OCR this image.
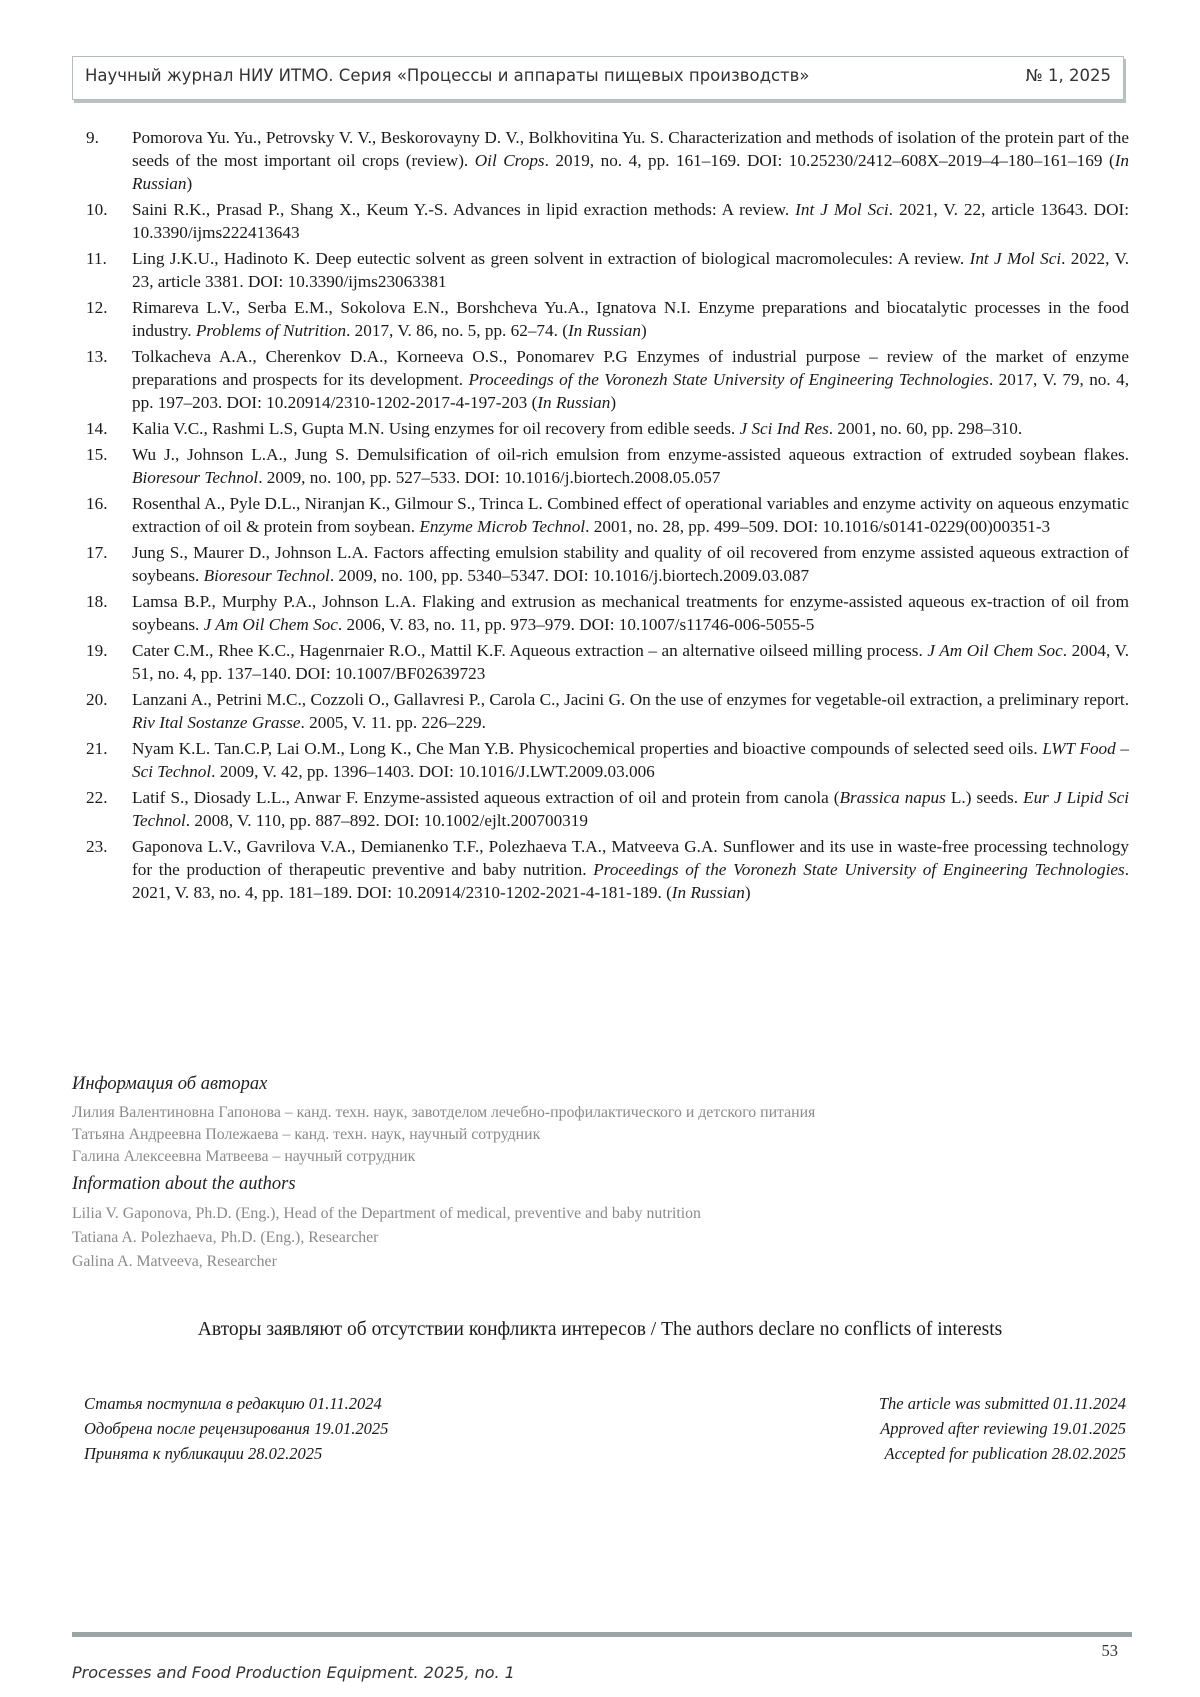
Научный журнал НИУ ИТМО. Серия «Процессы и аппараты пищевых производств»	№ 1, 2025
9.	Pomorova Yu. Yu., Petrovsky V. V., Beskorovayny D. V., Bolkhovitina Yu. S. Characterization and methods of isolation of the protein part of the seeds of the most important oil crops (review). Oil Crops. 2019, no. 4, pp. 161–169. DOI: 10.25230/2412–608X–2019–4–180–161–169 (In Russian)
10.	Saini R.K., Prasad P., Shang X., Keum Y.-S. Advances in lipid exraction methods: A review. Int J Mol Sci. 2021, V. 22, article 13643. DOI: 10.3390/ijms222413643
11.	Ling J.K.U., Hadinoto K. Deep eutectic solvent as green solvent in extraction of biological macromolecules: A review. Int J Mol Sci. 2022, V. 23, article 3381. DOI: 10.3390/ijms23063381
12.	Rimareva L.V., Serba E.M., Sokolova E.N., Borshcheva Yu.A., Ignatova N.I. Enzyme preparations and biocatalytic processes in the food industry. Problems of Nutrition. 2017, V. 86, no. 5, pp. 62–74. (In Russian)
13.	Tolkacheva A.A., Cherenkov D.A., Korneeva O.S., Ponomarev P.G Enzymes of industrial purpose – review of the market of enzyme preparations and prospects for its development. Proceedings of the Voronezh State University of Engineering Technologies. 2017, V. 79, no. 4, pp. 197–203. DOI: 10.20914/2310-1202-2017-4-197-203 (In Russian)
14.	Kalia V.C., Rashmi L.S, Gupta M.N. Using enzymes for oil recovery from edible seeds. J Sci Ind Res. 2001, no. 60, pp. 298–310.
15.	Wu J., Johnson L.A., Jung S. Demulsification of oil-rich emulsion from enzyme-assisted aqueous extraction of extruded soybean flakes. Bioresour Technol. 2009, no. 100, pp. 527–533. DOI: 10.1016/j.biortech.2008.05.057
16.	Rosenthal A., Pyle D.L., Niranjan K., Gilmour S., Trinca L. Combined effect of operational variables and enzyme activity on aqueous enzymatic extraction of oil & protein from soybean. Enzyme Microb Technol. 2001, no. 28, pp. 499–509. DOI: 10.1016/s0141-0229(00)00351-3
17.	Jung S., Maurer D., Johnson L.A. Factors affecting emulsion stability and quality of oil recovered from enzyme assisted aqueous extraction of soybeans. Bioresour Technol. 2009, no. 100, pp. 5340–5347. DOI: 10.1016/j.biortech.2009.03.087
18.	Lamsa B.P., Murphy P.A., Johnson L.A. Flaking and extrusion as mechanical treatments for enzyme-assisted aqueous ex-traction of oil from soybeans. J Am Oil Chem Soc. 2006, V. 83, no. 11, pp. 973–979. DOI: 10.1007/s11746-006-5055-5
19.	Cater C.M., Rhee K.C., Hagenrnaier R.O., Mattil K.F. Aqueous extraction – an alternative oilseed milling process. J Am Oil Chem Soc. 2004, V. 51, no. 4, pp. 137–140. DOI: 10.1007/BF02639723
20.	Lanzani A., Petrini M.C., Cozzoli O., Gallavresi P., Carola C., Jacini G. On the use of enzymes for vegetable-oil extraction, a preliminary report. Riv Ital Sostanze Grasse. 2005, V. 11. pp. 226–229.
21.	Nyam K.L. Tan.C.P, Lai O.M., Long K., Che Man Y.B. Physicochemical properties and bioactive compounds of selected seed oils. LWT Food – Sci Technol. 2009, V. 42, pp. 1396–1403. DOI: 10.1016/J.LWT.2009.03.006
22.	Latif S., Diosady L.L., Anwar F. Enzyme-assisted aqueous extraction of oil and protein from canola (Brassica napus L.) seeds. Eur J Lipid Sci Technol. 2008, V. 110, pp. 887–892. DOI: 10.1002/ejlt.200700319
23.	Gaponova L.V., Gavrilova V.A., Demianenko T.F., Polezhaeva T.A., Matveeva G.A. Sunflower and its use in waste-free processing technology for the production of therapeutic preventive and baby nutrition. Proceedings of the Voronezh State University of Engineering Technologies. 2021, V. 83, no. 4, pp. 181–189. DOI: 10.20914/2310-1202-2021-4-181-189. (In Russian)
Информация об авторах
Лилия Валентиновна Гапонова – канд. техн. наук, завотделом лечебно-профилактического и детского питания
Татьяна Андреевна Полежаева – канд. техн. наук, научный сотрудник
Галина Алексеевна Матвеева – научный сотрудник
Information about the authors
Lilia V. Gaponova, Ph.D. (Eng.), Head of the Department of medical, preventive and baby nutrition
Tatiana A. Polezhaeva, Ph.D. (Eng.), Researcher
Galina A. Matveeva, Researcher
Авторы заявляют об отсутствии конфликта интересов / The authors declare no conflicts of interests
Статья поступила в редакцию 01.11.2024
Одобрена после рецензирования 19.01.2025
Принята к публикации 28.02.2025
The article was submitted 01.11.2024
Approved after reviewing 19.01.2025
Accepted for publication 28.02.2025
53
Processes and Food Production Equipment. 2025, no. 1
